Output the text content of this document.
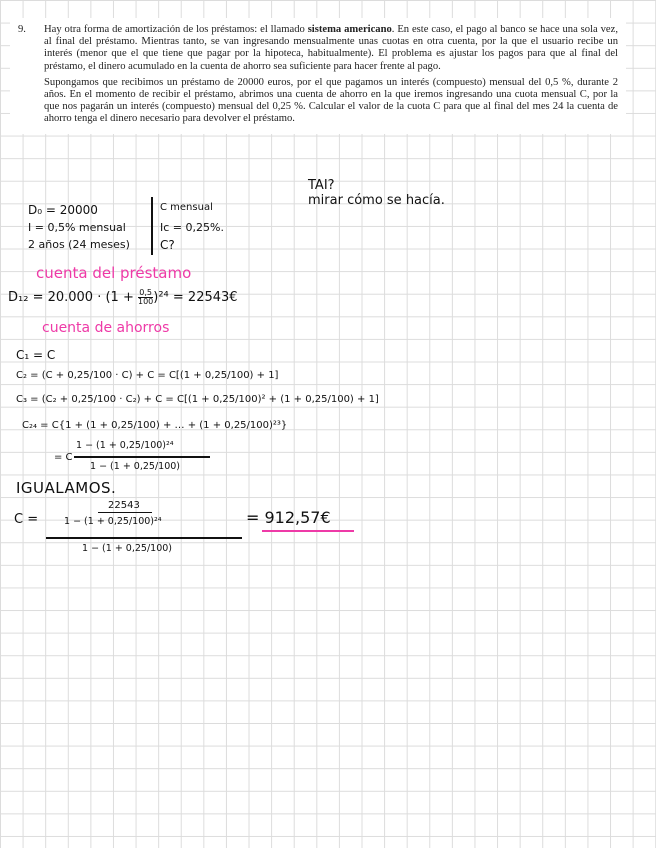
9.	Hay otra forma de amortización de los préstamos: el llamado sistema americano. En este caso, el pago al banco se hace una sola vez, al final del préstamo. Mientras tanto, se van ingresando mensualmente unas cuotas en otra cuenta, por la que el usuario recibe un interés (menor que el que tiene que pagar por la hipoteca, habitualmente). El problema es ajustar los pagos para que al final del préstamo, el dinero acumulado en la cuenta de ahorro sea suficiente para hacer frente al pago.

Supongamos que recibimos un préstamo de 20000 euros, por el que pagamos un interés (compuesto) mensual del 0,5 %, durante 2 años. En el momento de recibir el préstamo, abrimos una cuenta de ahorro en la que iremos ingresando una cuota mensual C, por la que nos pagarán un interés (compuesto) mensual del 0,25 %. Calcular el valor de la cuota C para que al final del mes 24 la cuenta de ahorro tenga el dinero necesario para devolver el préstamo.

TAI?
mirar cómo se hacía.
D₀ = 20000
I = 0,5% mensual
2 años (24 meses)
C mensual
Ic = 0,25%.
C?
cuenta del préstamo
$D_{12} = 20.000 \cdot (1 + \frac{0,5}{100} )^{24}$ = 22543€
cuenta de ahorros
C₁ = C
C₂ = (C + 0,25/100 · C) + C = C[(1 + 0,25/100) + 1]
C₃ = (C₂ + 0,25/100 · C₂) + C = C[(1 + 0,25/100)² + (1 + 0,25/100) + 1]
C₂₄ = C{1 + (1 + 0,25/100) + … + (1 + 0,25/100)²³}
= C
1 − (1 + 0,25/100)²⁴
1 − (1 + 0,25/100)
IGUALAMOS.
C =
22543
1 − (1 + 0,25/100)²⁴
1 − (1 + 0,25/100)
= 912,57€
